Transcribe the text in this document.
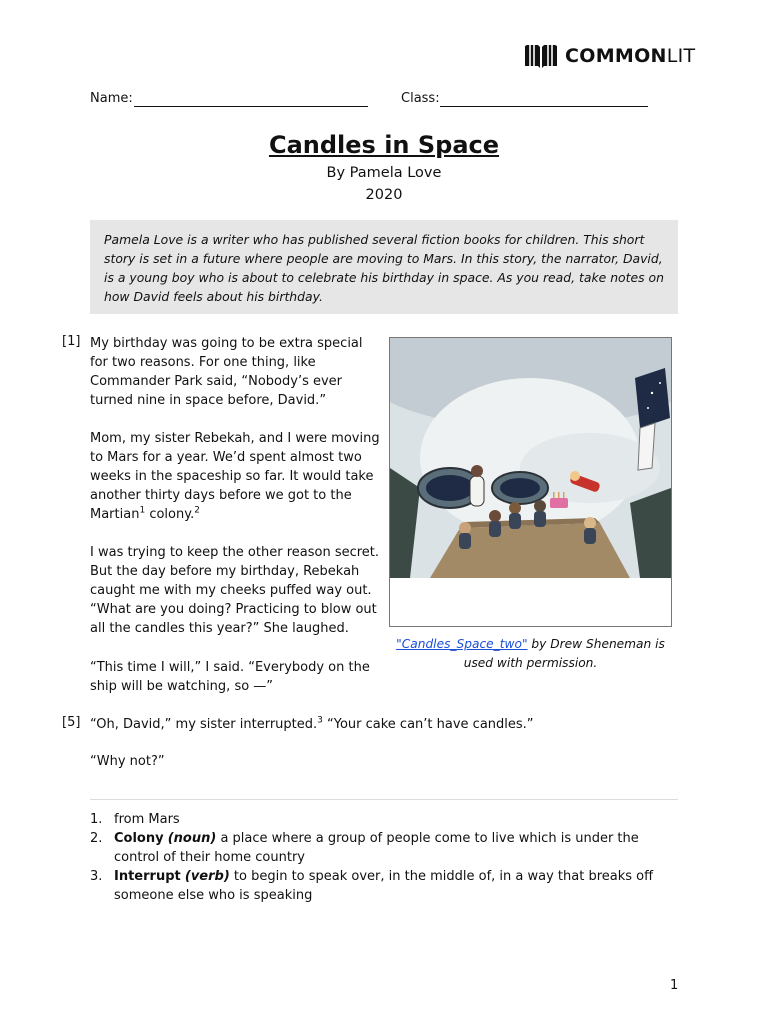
COMMONLIT
Name:	Class:
Candles in Space
By Pamela Love
2020
Pamela Love is a writer who has published several fiction books for children. This short story is set in a future where people are moving to Mars. In this story, the narrator, David, is a young boy who is about to celebrate his birthday in space. As you read, take notes on how David feels about his birthday.
[1] My birthday was going to be extra special for two reasons. For one thing, like Commander Park said, “Nobody’s ever turned nine in space before, David.”
Mom, my sister Rebekah, and I were moving to Mars for a year. We’d spent almost two weeks in the spaceship so far. It would take another thirty days before we got to the Martian$^1$ colony.$^2$
I was trying to keep the other reason secret. But the day before my birthday, Rebekah caught me with my cheeks puffed way out. “What are you doing? Practicing to blow out all the candles this year?” She laughed.
“This time I will,” I said. “Everybody on the ship will be watching, so —”
"Candles_Space_two" by Drew Sheneman is
used with permission.
[5] “Oh, David,” my sister interrupted.$^3$ “Your cake can’t have candles.”
“Why not?”
1. from Mars
2. Colony (noun) a place where a group of people come to live which is under the control of their home country
3. Interrupt (verb) to begin to speak over, in the middle of, in a way that breaks off someone else who is speaking
1
